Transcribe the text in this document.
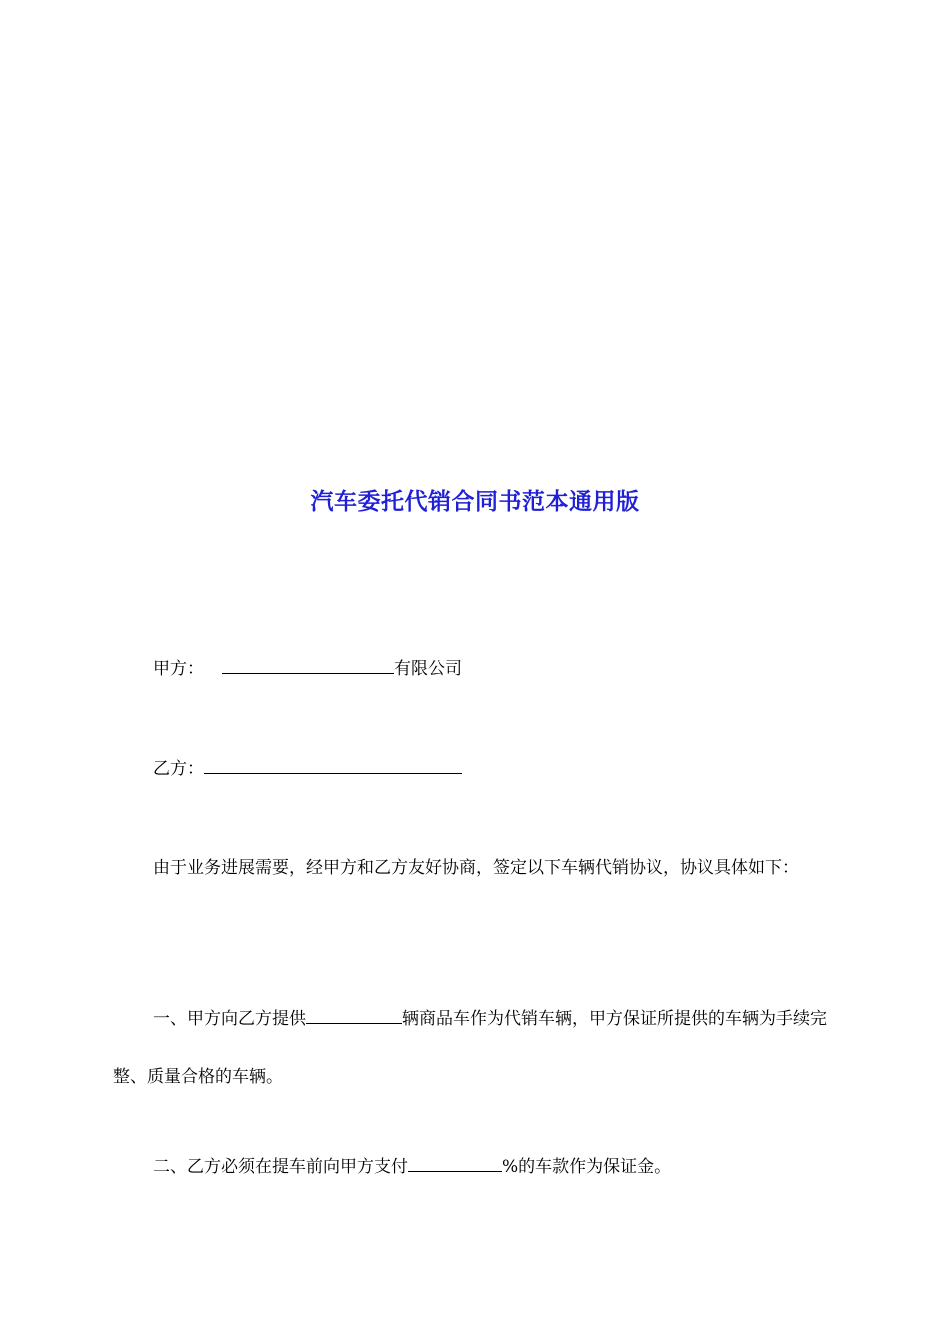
汽车委托代销合同书范本通用版

甲方：	有限公司

乙方：

由于业务进展需要，经甲方和乙方友好协商，签定以下车辆代销协议，协议具体如下：

一、甲方向乙方提供	辆商品车作为代销车辆，甲方保证所提供的车辆为手续完整、质量合格的车辆。

二、乙方必须在提车前向甲方支付	%的车款作为保证金。
